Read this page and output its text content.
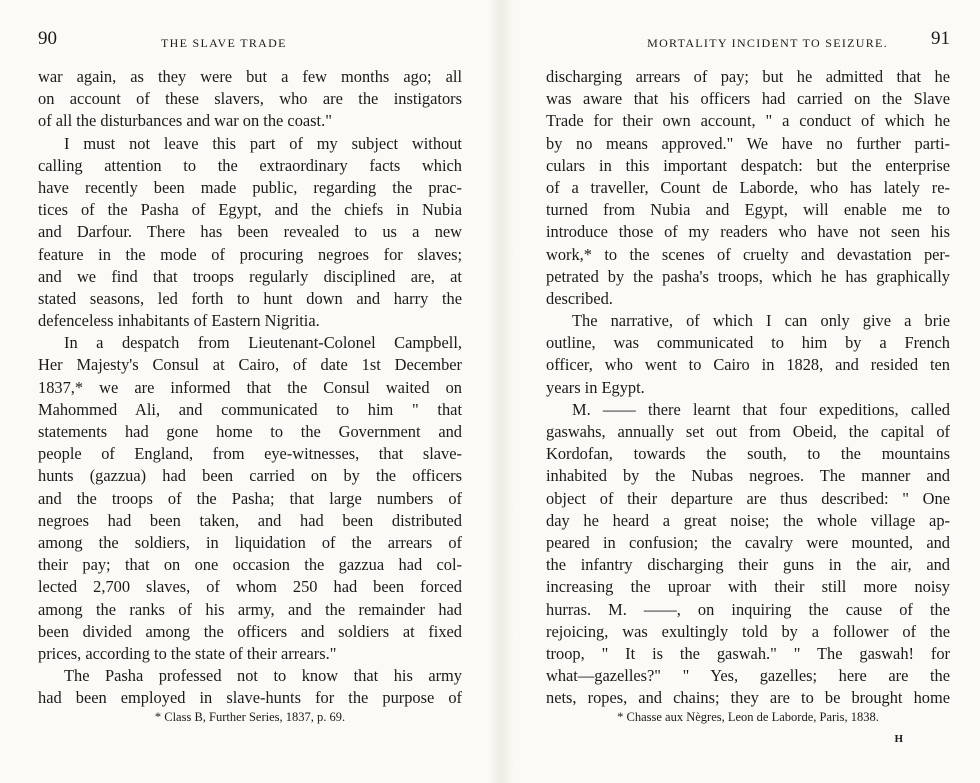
90	THE SLAVE TRADE
war again, as they were but a few months ago; all
on account of these slavers, who are the instigators
of all the disturbances and war on the coast."
I must not leave this part of my subject without
calling attention to the extraordinary facts which
have recently been made public, regarding the prac-
tices of the Pasha of Egypt, and the chiefs in Nubia
and Darfour. There has been revealed to us a new
feature in the mode of procuring negroes for slaves;
and we find that troops regularly disciplined are, at
stated seasons, led forth to hunt down and harry the
defenceless inhabitants of Eastern Nigritia.
In a despatch from Lieutenant-Colonel Campbell,
Her Majesty's Consul at Cairo, of date 1st December
1837,* we are informed that the Consul waited on
Mahommed Ali, and communicated to him " that
statements had gone home to the Government and
people of England, from eye-witnesses, that slave-
hunts (gazzua) had been carried on by the officers
and the troops of the Pasha; that large numbers of
negroes had been taken, and had been distributed
among the soldiers, in liquidation of the arrears of
their pay; that on one occasion the gazzua had col-
lected 2,700 slaves, of whom 250 had been forced
among the ranks of his army, and the remainder had
been divided among the officers and soldiers at fixed
prices, according to the state of their arrears."
The Pasha professed not to know that his army
had been employed in slave-hunts for the purpose of
* Class B, Further Series, 1837, p. 69.
MORTALITY INCIDENT TO SEIZURE. 91
discharging arrears of pay; but he admitted that he
was aware that his officers had carried on the Slave
Trade for their own account, " a conduct of which he
by no means approved." We have no further parti-
culars in this important despatch: but the enterprise
of a traveller, Count de Laborde, who has lately re-
turned from Nubia and Egypt, will enable me to
introduce those of my readers who have not seen his
work,* to the scenes of cruelty and devastation per-
petrated by the pasha's troops, which he has graphically
described.
The narrative, of which I can only give a brie
outline, was communicated to him by a French
officer, who went to Cairo in 1828, and resided ten
years in Egypt.
M. —— there learnt that four expeditions, called
gaswahs, annually set out from Obeid, the capital of
Kordofan, towards the south, to the mountains
inhabited by the Nubas negroes. The manner and
object of their departure are thus described: " One
day he heard a great noise; the whole village ap-
peared in confusion; the cavalry were mounted, and
the infantry discharging their guns in the air, and
increasing the uproar with their still more noisy
hurras. M. ——, on inquiring the cause of the
rejoicing, was exultingly told by a follower of the
troop, " It is the gaswah." " The gaswah! for
what—gazelles?" " Yes, gazelles; here are the
nets, ropes, and chains; they are to be brought home
* Chasse aux Nègres, Leon de Laborde, Paris, 1838.
H
